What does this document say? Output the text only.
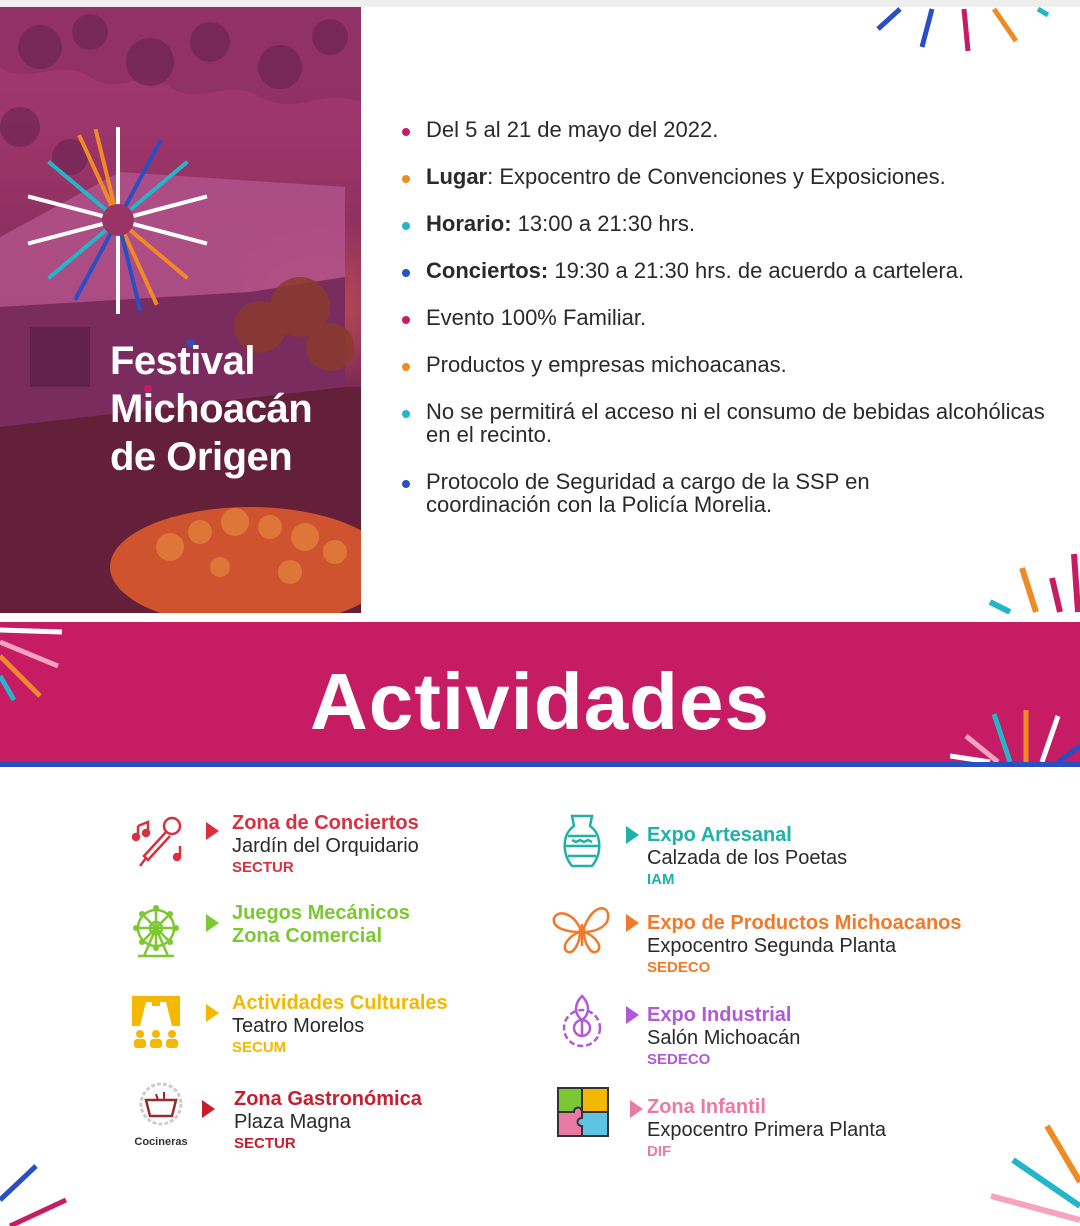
Festival
Michoacán
de Origen
Del 5 al 21 de mayo del 2022.
Lugar: Expocentro de Convenciones y Exposiciones.
Horario: 13:00 a 21:30 hrs.
Conciertos: 19:30 a 21:30 hrs. de acuerdo a cartelera.
Evento 100% Familiar.
Productos y empresas michoacanas.
No se permitirá el acceso ni el consumo de bebidas alcohólicas en el recinto.
Protocolo de Seguridad a cargo de la SSP en coordinación con la Policía Morelia.
Actividades
Zona de Conciertos
Jardín del Orquidario
SECTUR
Juegos Mecánicos
Zona Comercial
Actividades Culturales
Teatro Morelos
SECUM
Cocineras
Zona Gastronómica
Plaza Magna
SECTUR
Expo Artesanal
Calzada de los Poetas
IAM
Expo de Productos Michoacanos
Expocentro Segunda Planta
SEDECO
Expo Industrial
Salón Michoacán
SEDECO
Zona Infantil
Expocentro Primera Planta
DIF
